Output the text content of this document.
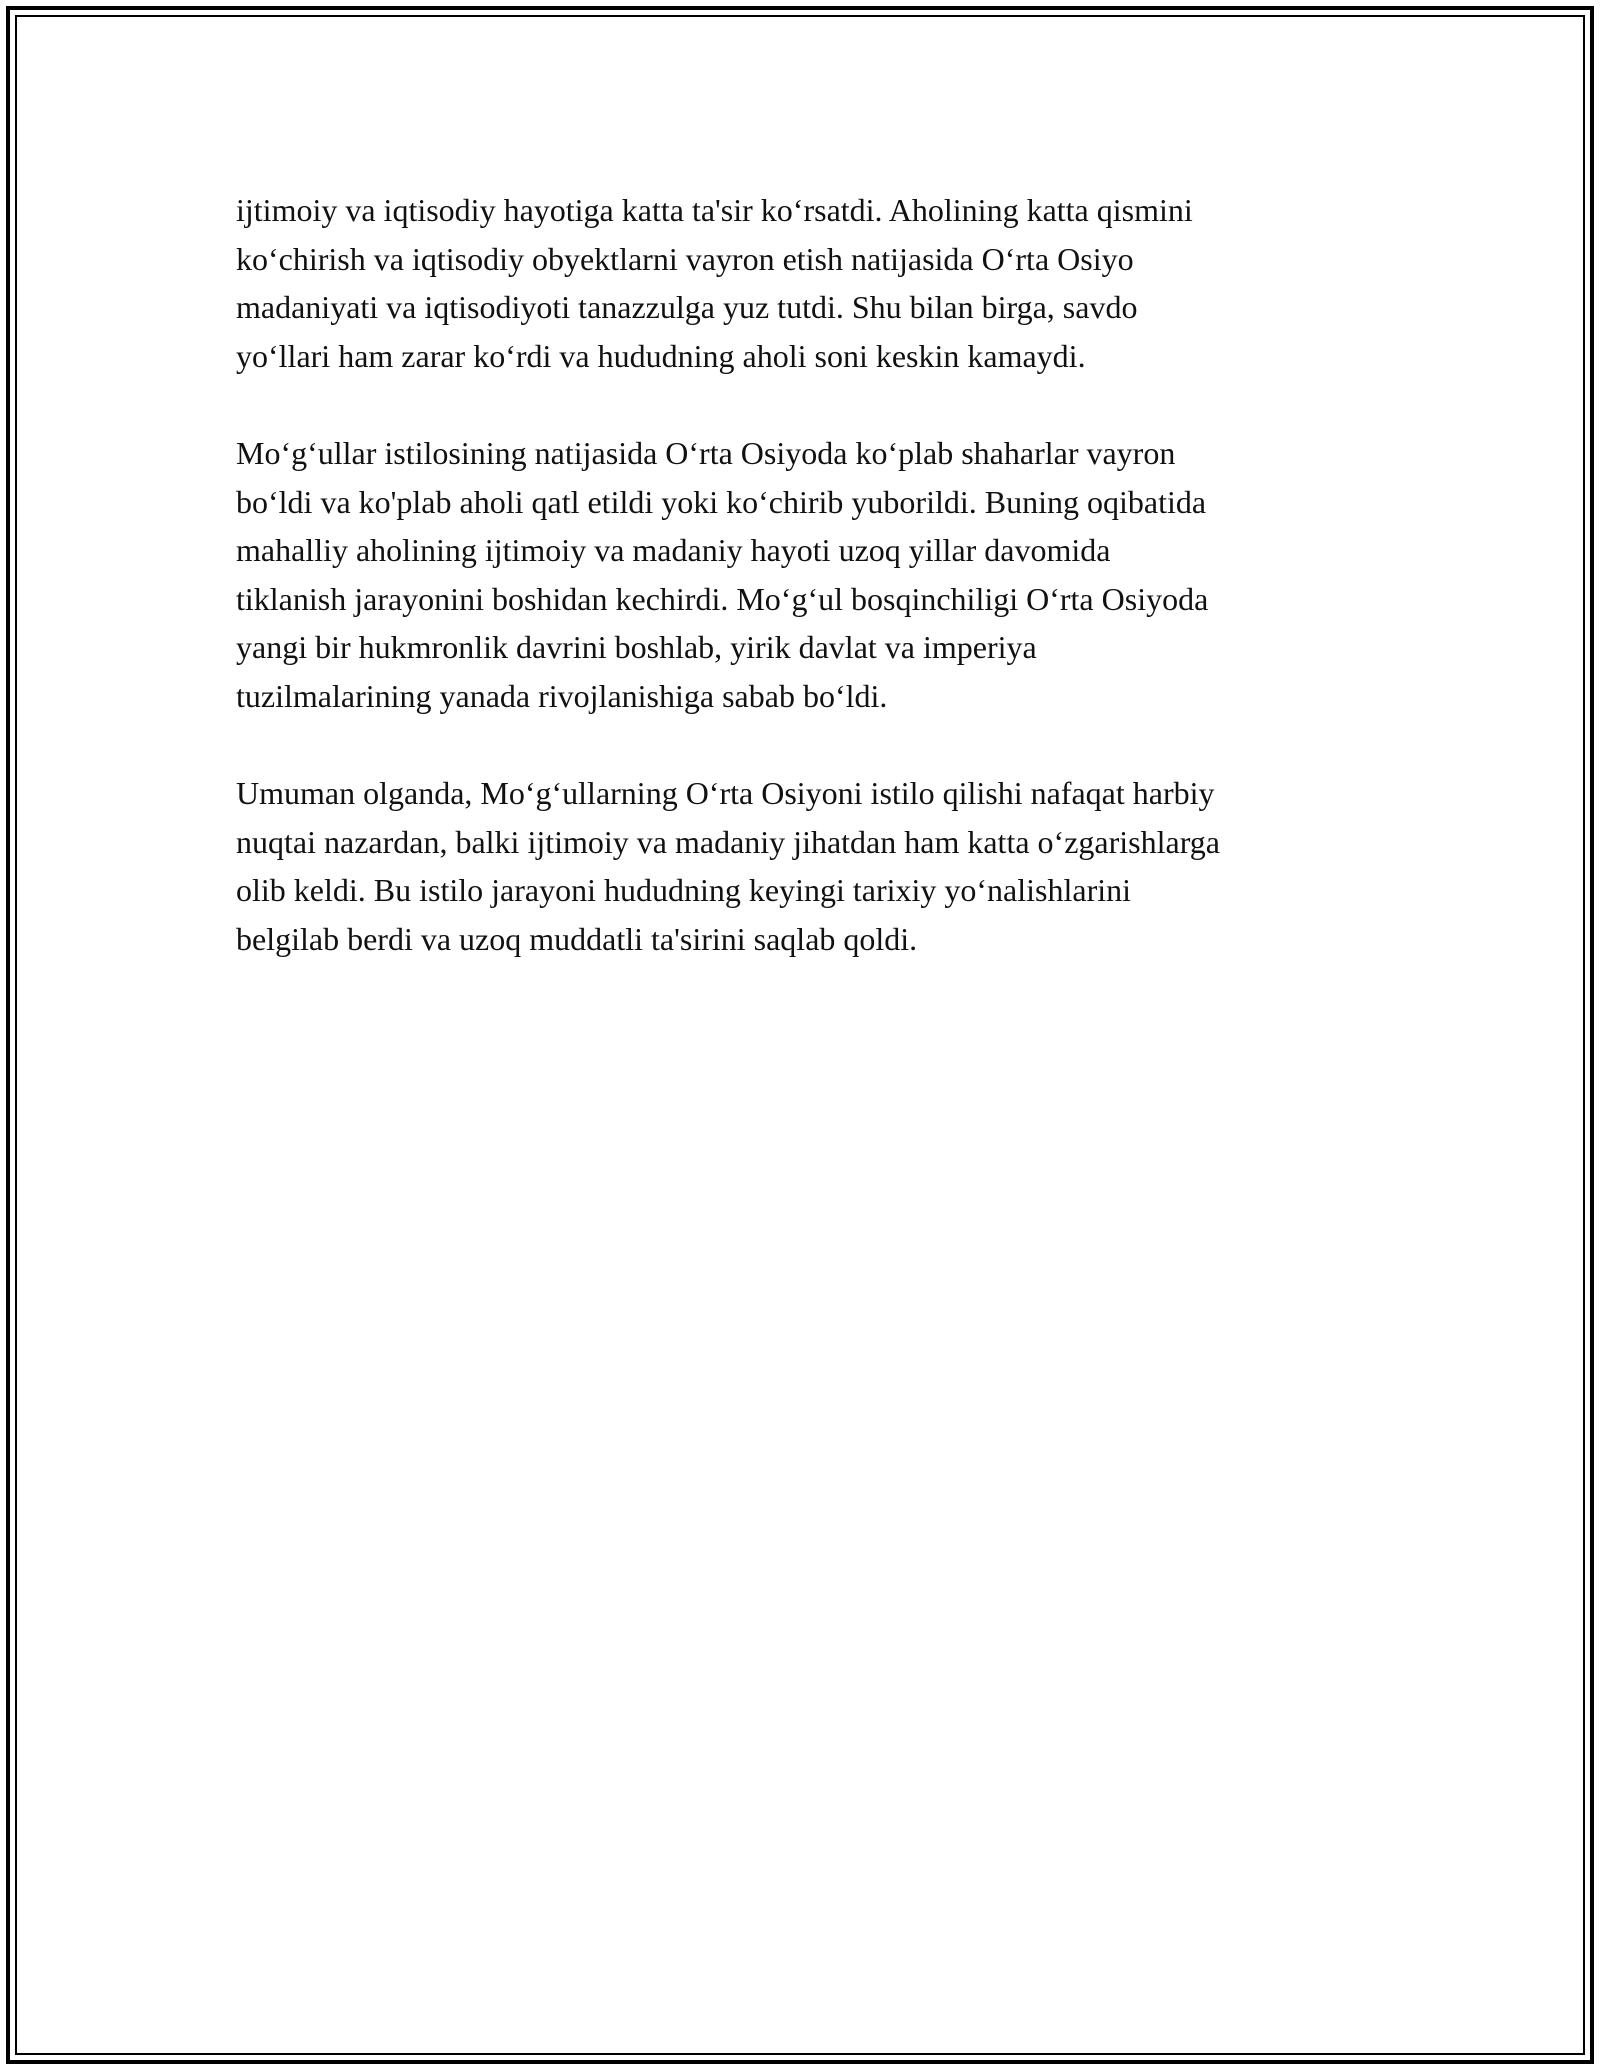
ijtimoiy va iqtisodiy hayotiga katta ta'sir ko‘rsatdi. Aholining katta qismini
ko‘chirish va iqtisodiy obyektlarni vayron etish natijasida O‘rta Osiyo
madaniyati va iqtisodiyoti tanazzulga yuz tutdi. Shu bilan birga, savdo
yo‘llari ham zarar ko‘rdi va hududning aholi soni keskin kamaydi.

Mo‘g‘ullar istilosining natijasida O‘rta Osiyoda ko‘plab shaharlar vayron
bo‘ldi va ko'plab aholi qatl etildi yoki ko‘chirib yuborildi. Buning oqibatida
mahalliy aholining ijtimoiy va madaniy hayoti uzoq yillar davomida
tiklanish jarayonini boshidan kechirdi. Mo‘g‘ul bosqinchiligi O‘rta Osiyoda
yangi bir hukmronlik davrini boshlab, yirik davlat va imperiya
tuzilmalarining yanada rivojlanishiga sabab bo‘ldi.

Umuman olganda, Mo‘g‘ullarning O‘rta Osiyoni istilo qilishi nafaqat harbiy
nuqtai nazardan, balki ijtimoiy va madaniy jihatdan ham katta o‘zgarishlarga
olib keldi. Bu istilo jarayoni hududning keyingi tarixiy yo‘nalishlarini
belgilab berdi va uzoq muddatli ta'sirini saqlab qoldi.
